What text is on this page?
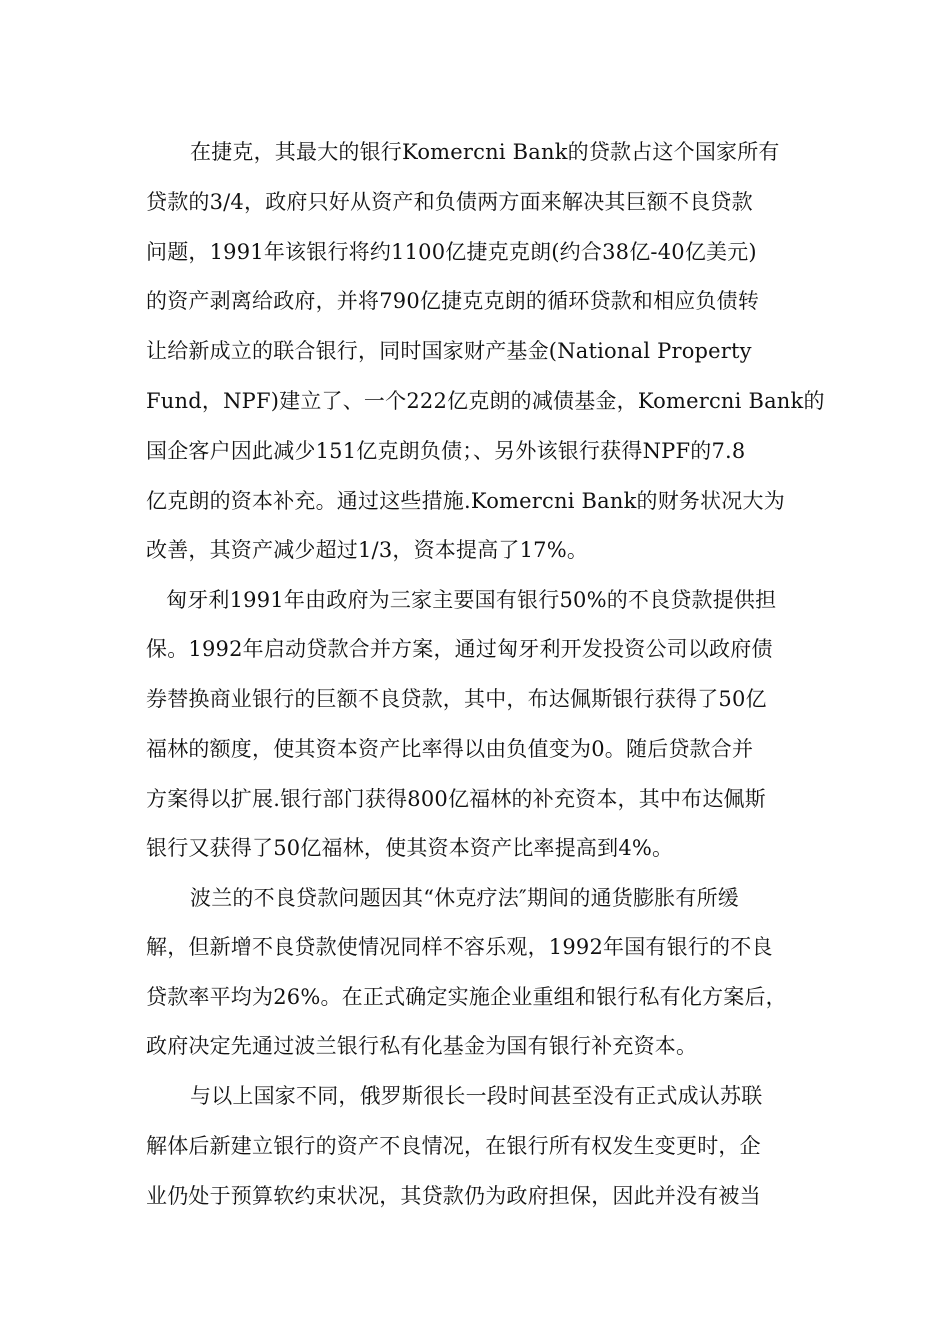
在捷克，其最大的银行Komercni Bank的贷款占这个国家所有
贷款的3/4，政府只好从资产和负债两方面来解决其巨额不良贷款
问题，1991年该银行将约1100亿捷克克朗(约合38亿-40亿美元)
的资产剥离给政府，并将790亿捷克克朗的循环贷款和相应负债转
让给新成立的联合银行，同时国家财产基金(National Property
Fund，NPF)建立了、一个222亿克朗的减债基金，Komercni Bank的
国企客户因此减少151亿克朗负债；、另外该银行获得NPF的7.8
亿克朗的资本补充。通过这些措施.Komercni Bank的财务状况大为
改善，其资产减少超过1/3，资本提高了17%。
匈牙利1991年由政府为三家主要国有银行50%的不良贷款提供担
保。1992年启动贷款合并方案，通过匈牙利开发投资公司以政府债
券替换商业银行的巨额不良贷款，其中，布达佩斯银行获得了50亿
福林的额度，使其资本资产比率得以由负值变为0。随后贷款合并
方案得以扩展.银行部门获得800亿福林的补充资本，其中布达佩斯
银行又获得了50亿福林，使其资本资产比率提高到4%。
波兰的不良贷款问题因其“休克疗法″期间的通货膨胀有所缓
解，但新增不良贷款使情况同样不容乐观，1992年国有银行的不良
贷款率平均为26%。在正式确定实施企业重组和银行私有化方案后，
政府决定先通过波兰银行私有化基金为国有银行补充资本。
与以上国家不同，俄罗斯很长一段时间甚至没有正式成认苏联
解体后新建立银行的资产不良情况，在银行所有权发生变更时，企
业仍处于预算软约束状况，其贷款仍为政府担保，因此并没有被当
